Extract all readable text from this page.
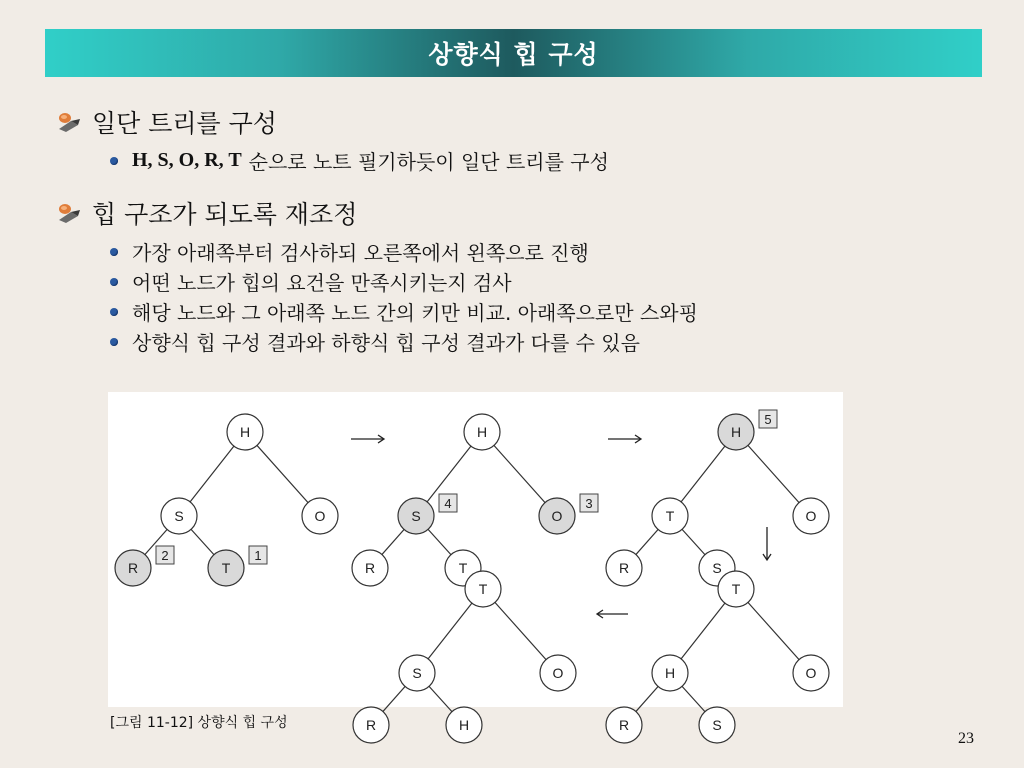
상향식 힙 구성
일단 트리를 구성
H, S, O, R, T 순으로 노트 필기하듯이 일단 트리를 구성
힙 구조가 되도록 재조정
가장 아래쪽부터 검사하되 오른쪽에서 왼쪽으로 진행
어떤 노드가 힙의 요건을 만족시키는지 검사
해당 노드와 그 아래쪽 노드 간의 키만 비교. 아래쪽으로만 스와핑
상향식 힙 구성 결과와 하향식 힙 구성 결과가 다를 수 있음
H
S	O
R
2
T
1
H
S
4
O
3
R	T
H
5
T	O
R	S
T
H	O
R	S
T
S	O
R	H
[그림 11-12] 상향식 힙 구성
23
